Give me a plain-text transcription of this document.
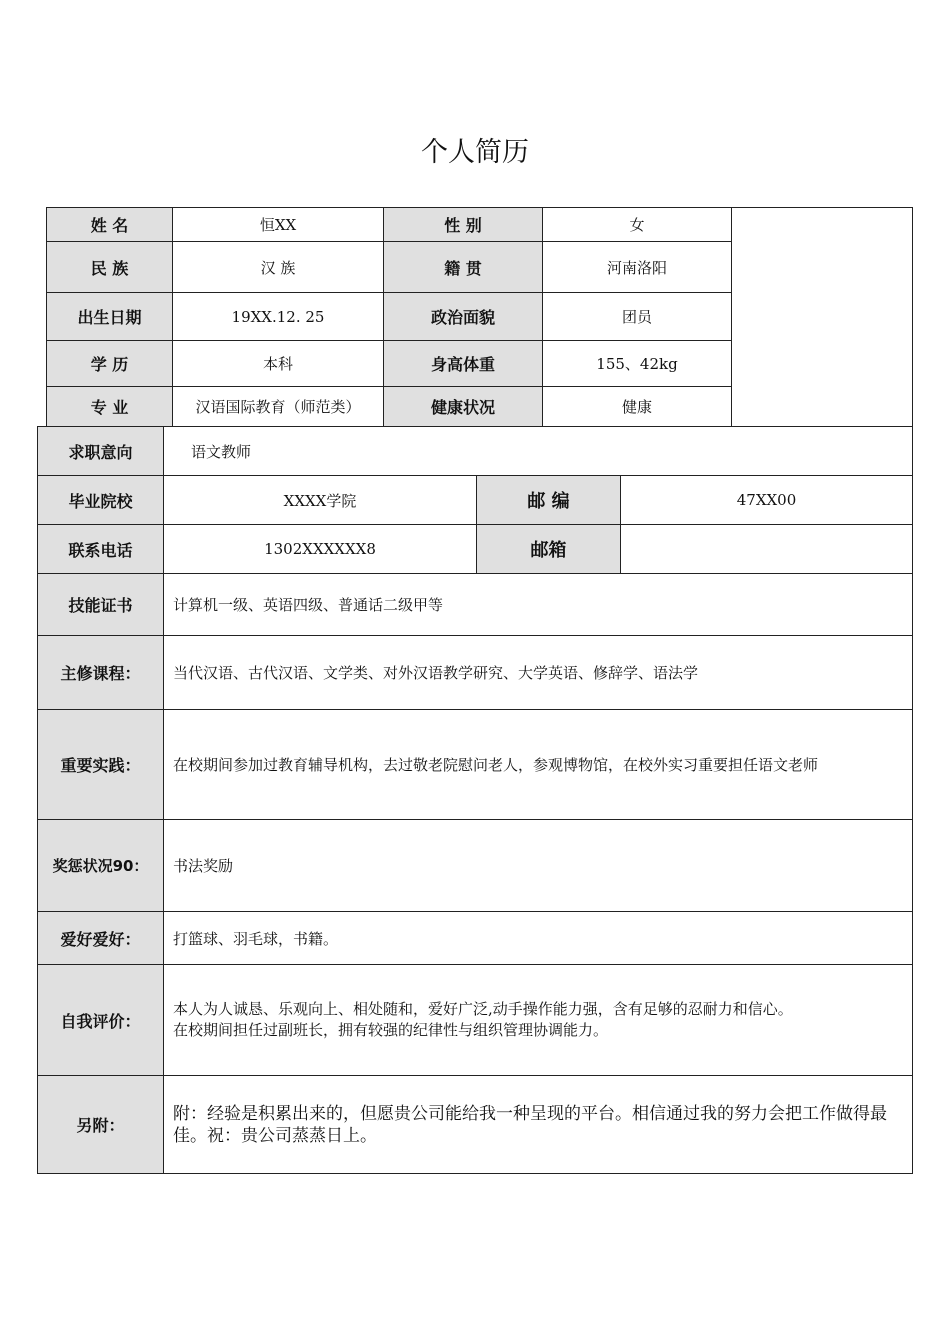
个人简历
姓 名	恒XX	性 别	女
民 族	汉 族	籍 贯	河南洛阳
出生日期	19XX.12. 25	政治面貌	团员
学 历	本科	身高体重	155、42kg
专 业	汉语国际教育（师范类）	健康状况	健康
求职意向	语文教师
毕业院校	XXXX学院	邮 编	47XX00
联系电话	1302XXXXXX8	邮箱
技能证书	计算机一级、英语四级、普通话二级甲等
主修课程：	当代汉语、古代汉语、文学类、对外汉语教学研究、大学英语、修辞学、语法学
重要实践：	在校期间参加过教育辅导机构，去过敬老院慰问老人，参观博物馆，在校外实习重要担任语文老师
奖惩状况90：	书法奖励
爱好爱好：	打篮球、羽毛球，书籍。
自我评价：
本人为人诚恳、乐观向上、相处随和，爱好广泛,动手操作能力强，含有足够的忍耐力和信心。
在校期间担任过副班长，拥有较强的纪律性与组织管理协调能力。
另附：
附：经验是积累出来的，但愿贵公司能给我一种呈现的平台。相信通过我的努力会把工作做得最佳。祝：贵公司蒸蒸日上。
